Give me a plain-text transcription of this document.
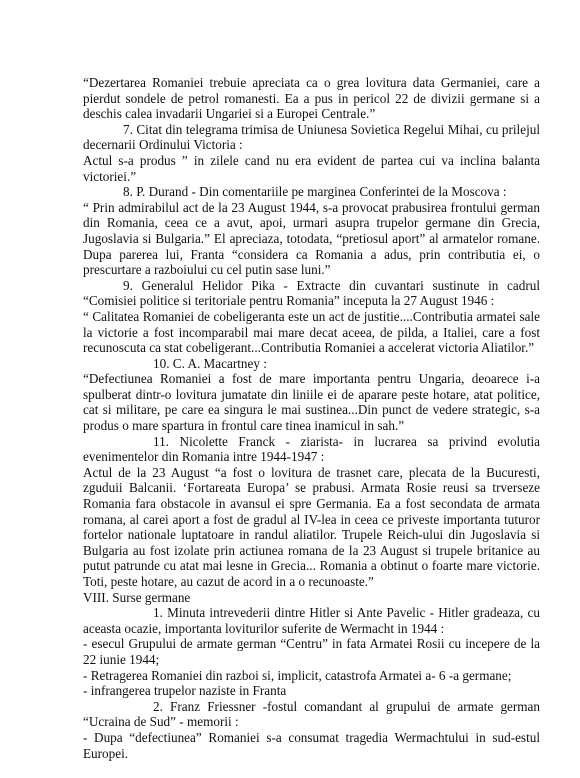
“Dezertarea Romaniei trebuie apreciata ca o grea lovitura data Germaniei, care a pierdut sondele de petrol romanesti. Ea a pus in pericol 22 de divizii germane si a deschis calea invadarii Ungariei si a Europei Centrale.”

7. Citat din telegrama trimisa de Uniunesa Sovietica Regelui Mihai, cu prilejul decernarii Ordinului Victoria :

Actul s-a produs ” in zilele cand nu era evident de partea cui va inclina balanta victoriei.”

8. P. Durand - Din comentariile pe marginea Conferintei de la Moscova :

“ Prin admirabilul act de la 23 August 1944, s-a provocat prabusirea frontului german din Romania, ceea ce a avut, apoi, urmari asupra trupelor germane din Grecia, Jugoslavia si Bulgaria.” El apreciaza, totodata, “pretiosul aport” al armatelor romane. Dupa parerea lui, Franta “considera ca Romania a adus, prin contributia ei, o prescurtare a razboiului cu cel putin sase luni.”

9. Generalul Helidor Pika - Extracte din cuvantari sustinute in cadrul “Comisiei politice si teritoriale pentru Romania” inceputa la 27 August 1946 :

“ Calitatea Romaniei de cobeligeranta este un act de justitie....Contributia armatei sale la victorie a fost incomparabil mai mare decat aceea, de pilda, a Italiei, care a fost recunoscuta ca stat cobeligerant...Contributia Romaniei a accelerat victoria Aliatilor.”

10. C. A. Macartney :

“Defectiunea Romaniei a fost de mare importanta pentru Ungaria, deoarece i-a spulberat dintr-o lovitura jumatate din liniile ei de aparare peste hotare, atat politice, cat si militare, pe care ea singura le mai sustinea...Din punct de vedere strategic, s-a produs o mare spartura in frontul care tinea inamicul in sah.”

11. Nicolette Franck - ziarista- in lucrarea sa privind evolutia evenimentelor din Romania intre 1944-1947 :

Actul de la 23 August “a fost o lovitura de trasnet care, plecata de la Bucuresti, zguduii Balcanii. ‘Fortareata Europa’ se prabusi. Armata Rosie reusi sa trverseze Romania fara obstacole in avansul ei spre Germania. Ea a fost secondata de armata romana, al carei aport a fost de gradul al IV-lea in ceea ce priveste importanta tuturor fortelor nationale luptatoare in randul aliatilor. Trupele Reich-ului din Jugoslavia si Bulgaria au fost izolate prin actiunea romana de la 23 August si trupele britanice au putut patrunde cu atat mai lesne in Grecia... Romania a obtinut o foarte mare victorie. Toti, peste hotare, au cazut de acord in a o recunoaste.”

VIII. Surse germane

1. Minuta intrevederii dintre Hitler si Ante Pavelic - Hitler gradeaza, cu aceasta ocazie, importanta loviturilor suferite de Wermacht in 1944 :

- esecul Grupului de armate german “Centru” in fata Armatei Rosii cu incepere de la 22 iunie 1944;

- Retragerea Romaniei din razboi si, implicit, catastrofa Armatei a- 6 -a germane;

- infrangerea trupelor naziste in Franta

2. Franz Friessner -fostul comandant al grupului de armate german “Ucraina de Sud” - memorii :

- Dupa “defectiunea” Romaniei s-a consumat tragedia Wermachtului in sud-estul Europei.
